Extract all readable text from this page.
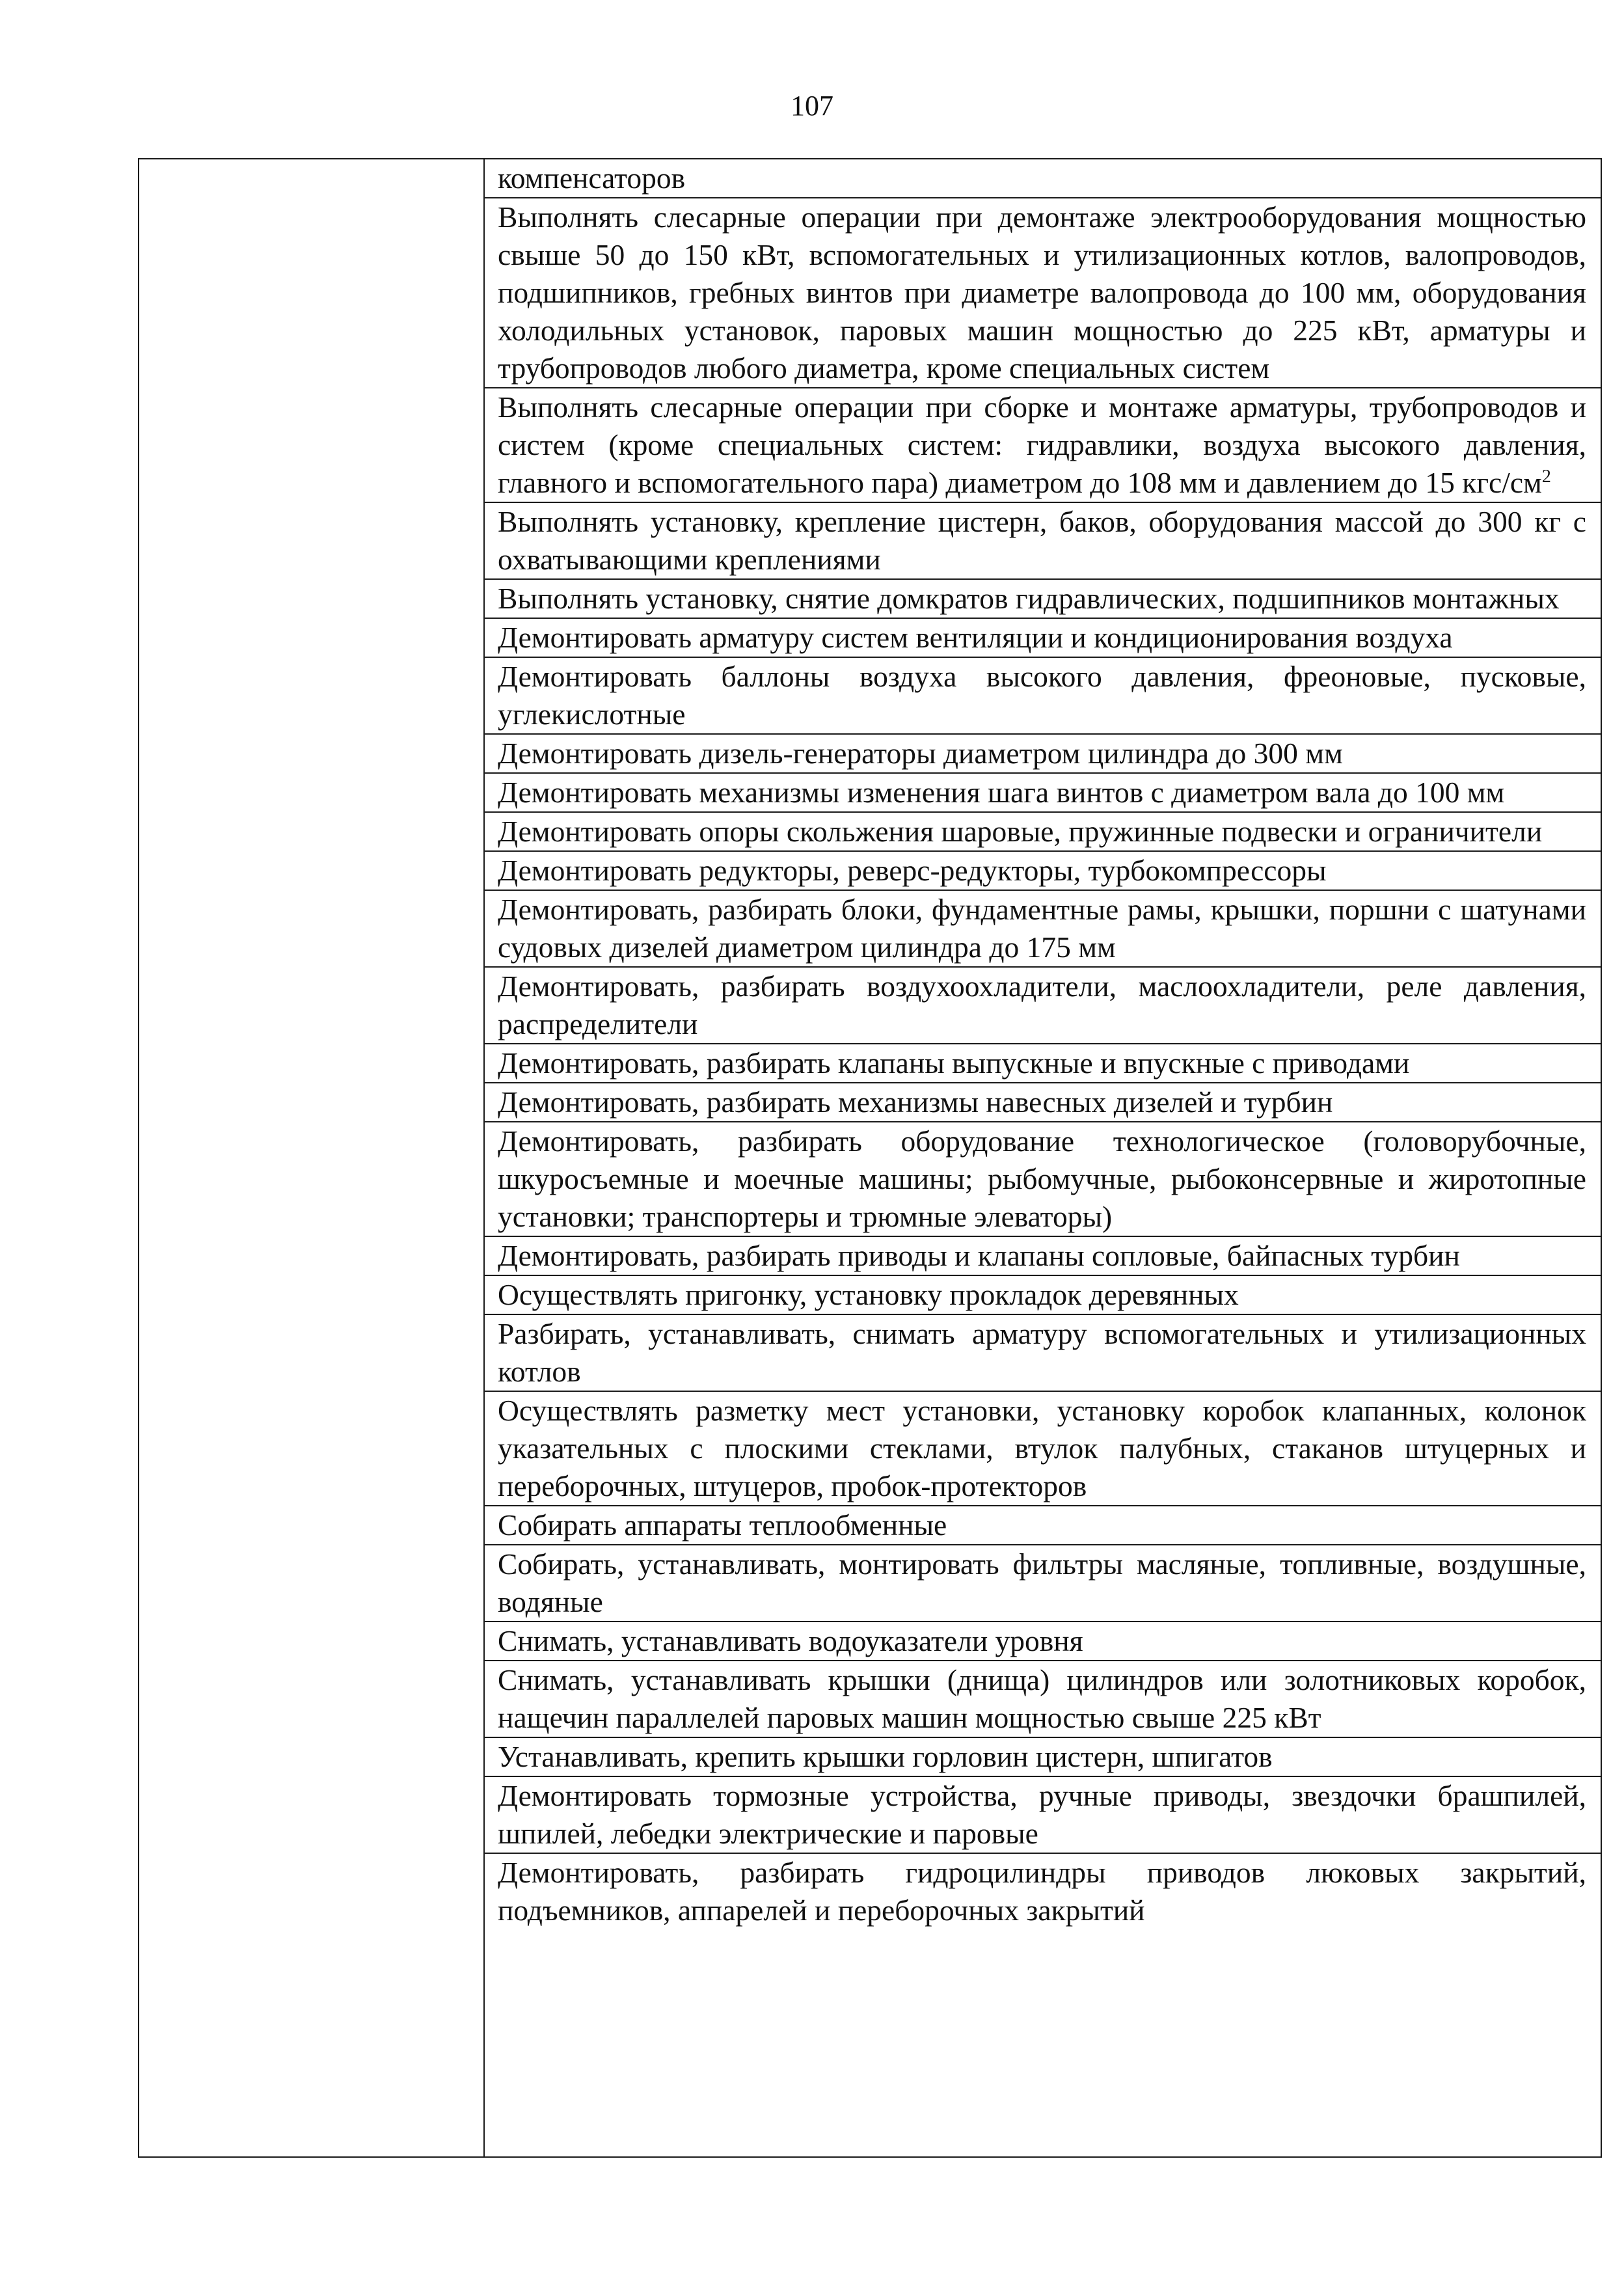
107

компенсаторов
Выполнять слесарные операции при демонтаже электрооборудования мощностью свыше 50 до 150 кВт, вспомогательных и утилизационных котлов, валопроводов, подшипников, гребных винтов при диаметре валопровода до 100 мм, оборудования холодильных установок, паровых машин мощностью до 225 кВт, арматуры и трубопроводов любого диаметра, кроме специальных систем
Выполнять слесарные операции при сборке и монтаже арматуры, трубопроводов и систем (кроме специальных систем: гидравлики, воздуха высокого давления, главного и вспомогательного пара) диаметром до 108 мм и давлением до 15 кгс/$см^2$
Выполнять установку, крепление цистерн, баков, оборудования массой до 300 кг с охватывающими креплениями
Выполнять установку, снятие домкратов гидравлических, подшипников монтажных
Демонтировать арматуру систем вентиляции и кондиционирования воздуха
Демонтировать баллоны воздуха высокого давления, фреоновые, пусковые, углекислотные
Демонтировать дизель-генераторы диаметром цилиндра до 300 мм
Демонтировать механизмы изменения шага винтов с диаметром вала до 100 мм
Демонтировать опоры скольжения шаровые, пружинные подвески и ограничители
Демонтировать редукторы, реверс-редукторы, турбокомпрессоры
Демонтировать, разбирать блоки, фундаментные рамы, крышки, поршни с шатунами судовых дизелей диаметром цилиндра до 175 мм
Демонтировать, разбирать воздухоохладители, маслоохладители, реле давления, распределители
Демонтировать, разбирать клапаны выпускные и впускные с приводами
Демонтировать, разбирать механизмы навесных дизелей и турбин
Демонтировать, разбирать оборудование технологическое (головорубочные, шкуросъемные и моечные машины; рыбомучные, рыбоконсервные и жиротопные установки; транспортеры и трюмные элеваторы)
Демонтировать, разбирать приводы и клапаны сопловые, байпасных турбин
Осуществлять пригонку, установку прокладок деревянных
Разбирать, устанавливать, снимать арматуру вспомогательных и утилизационных котлов
Осуществлять разметку мест установки, установку коробок клапанных, колонок указательных с плоскими стеклами, втулок палубных, стаканов штуцерных и переборочных, штуцеров, пробок-протекторов
Собирать аппараты теплообменные
Собирать, устанавливать, монтировать фильтры масляные, топливные, воздушные, водяные
Снимать, устанавливать водоуказатели уровня
Снимать, устанавливать крышки (днища) цилиндров или золотниковых коробок, нащечин параллелей паровых машин мощностью свыше 225 кВт
Устанавливать, крепить крышки горловин цистерн, шпигатов
Демонтировать тормозные устройства, ручные приводы, звездочки брашпилей, шпилей, лебедки электрические и паровые
Демонтировать, разбирать гидроцилиндры приводов люковых закрытий, подъемников, аппарелей и переборочных закрытий
